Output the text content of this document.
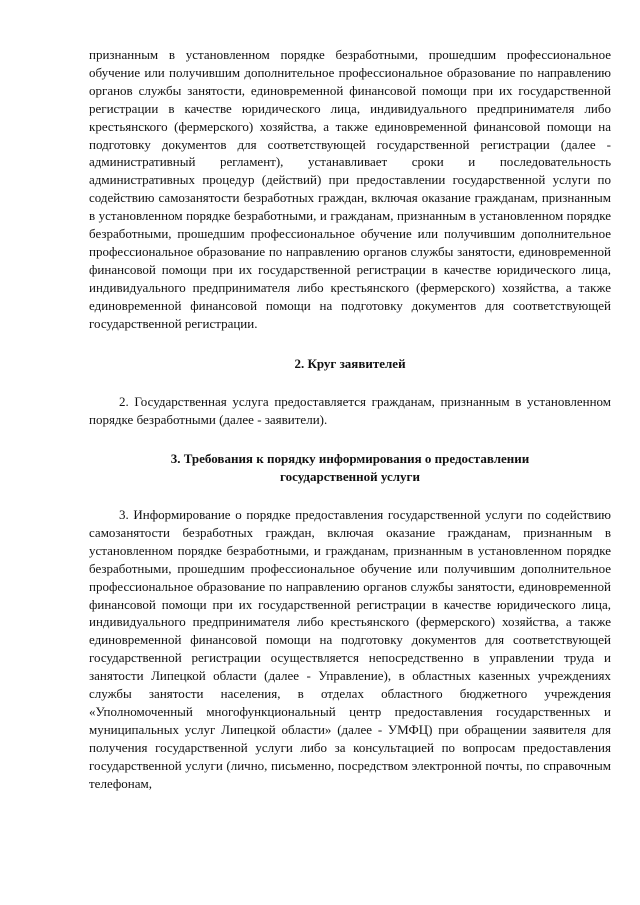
признанным в установленном порядке безработными, прошедшим профессиональное обучение или получившим дополнительное профессиональное образование по направлению органов службы занятости, единовременной финансовой помощи при их государственной регистрации в качестве юридического лица, индивидуального предпринимателя либо крестьянского (фермерского) хозяйства, а также единовременной финансовой помощи на подготовку документов для соответствующей государственной регистрации (далее - административный регламент), устанавливает сроки и последовательность административных процедур (действий) при предоставлении государственной услуги по содействию самозанятости безработных граждан, включая оказание гражданам, признанным в установленном порядке безработными, и гражданам, признанным в установленном порядке безработными, прошедшим профессиональное обучение или получившим дополнительное профессиональное образование по направлению органов службы занятости, единовременной финансовой помощи при их государственной регистрации в качестве юридического лица, индивидуального предпринимателя либо крестьянского (фермерского) хозяйства, а также единовременной финансовой помощи на подготовку документов для соответствующей государственной регистрации.

2. Круг заявителей

2. Государственная услуга предоставляется гражданам, признанным в установленном порядке безработными (далее - заявители).

3. Требования к порядку информирования о предоставлении

государственной услуги

3. Информирование о порядке предоставления государственной услуги по содействию самозанятости безработных граждан, включая оказание гражданам, признанным в установленном порядке безработными, и гражданам, признанным в установленном порядке безработными, прошедшим профессиональное обучение или получившим дополнительное профессиональное образование по направлению органов службы занятости, единовременной финансовой помощи при их государственной регистрации в качестве юридического лица, индивидуального предпринимателя либо крестьянского (фермерского) хозяйства, а также единовременной финансовой помощи на подготовку документов для соответствующей государственной регистрации осуществляется непосредственно в управлении труда и занятости Липецкой области (далее - Управление), в областных казенных учреждениях службы занятости населения, в отделах областного бюджетного учреждения «Уполномоченный многофункциональный центр предоставления государственных и муниципальных услуг Липецкой области» (далее - УМФЦ) при обращении заявителя для получения государственной услуги либо за консультацией по вопросам предоставления государственной услуги (лично, письменно, посредством электронной почты, по справочным телефонам,
